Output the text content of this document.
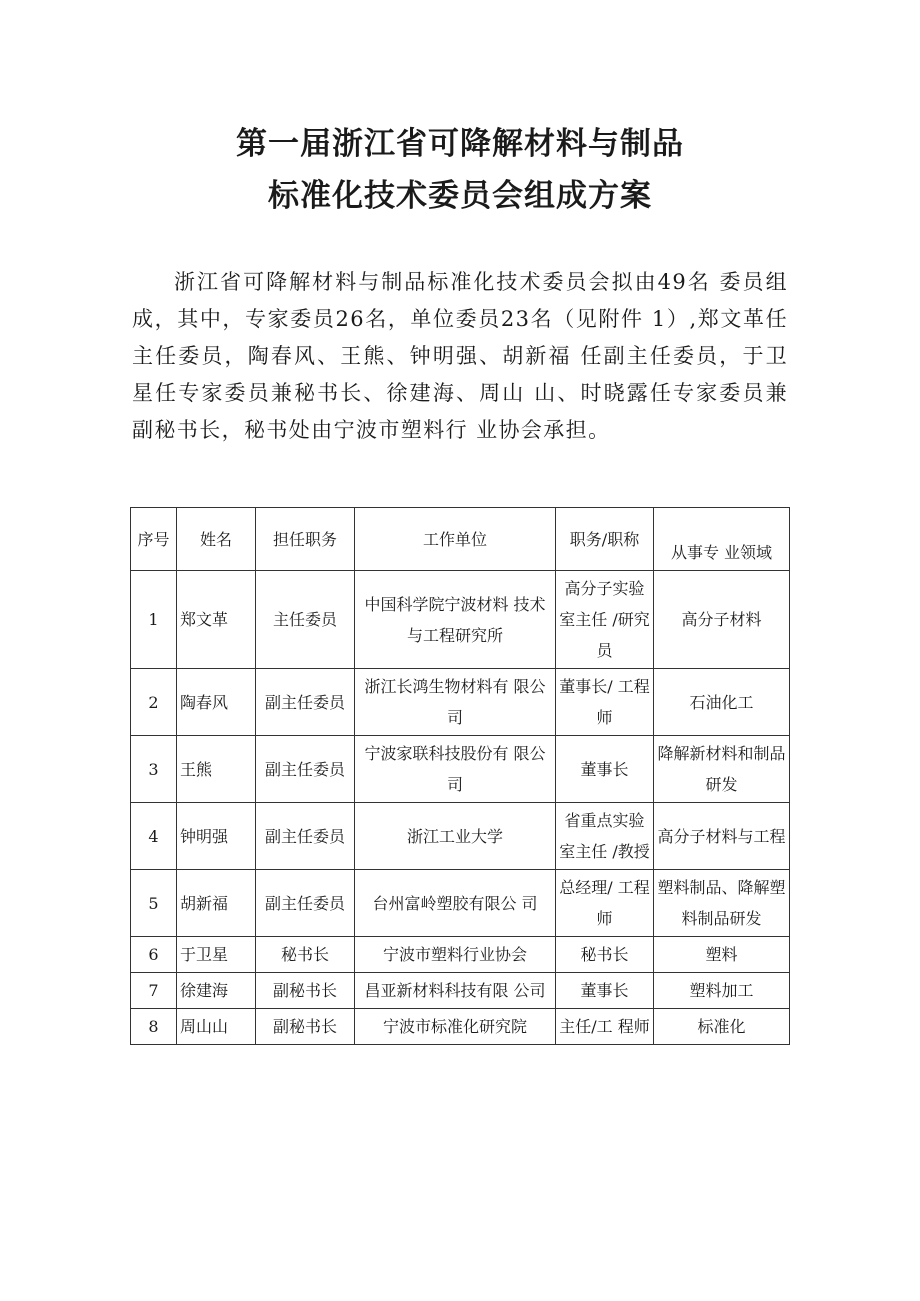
第一届浙江省可降解材料与制品
标准化技术委员会组成方案

浙江省可降解材料与制品标准化技术委员会拟由49名 委员组成，其中，专家委员26名，单位委员23名（见附件 1）,郑文革任主任委员，陶春风、王熊、钟明强、胡新福 任副主任委员，于卫星任专家委员兼秘书长、徐建海、周山 山、时晓露任专家委员兼副秘书长，秘书处由宁波市塑料行 业协会承担。

序号	姓名	担任职务	工作单位	职务/职称	从事专 业领域
1	郑文革	主任委员	中国科学院宁波材料 技术与工程研究所	高分子实验室主任 /研究员	高分子材料
2	陶春风	副主任委员	浙江长鸿生物材料有 限公司	董事长/ 工程师	石油化工
3	王熊	副主任委员	宁波家联科技股份有 限公司	董事长	降解新材料和制品研发
4	钟明强	副主任委员	浙江工业大学	省重点实验室主任 /教授	高分子材料与工程
5	胡新福	副主任委员	台州富岭塑胶有限公 司	总经理/ 工程师	塑料制品、降解塑料制品研发
6	于卫星	秘书长	宁波市塑料行业协会	秘书长	塑料
7	徐建海	副秘书长	昌亚新材料科技有限 公司	董事长	塑料加工
8	周山山	副秘书长	宁波市标准化研究院	主任/工 程师	标准化
